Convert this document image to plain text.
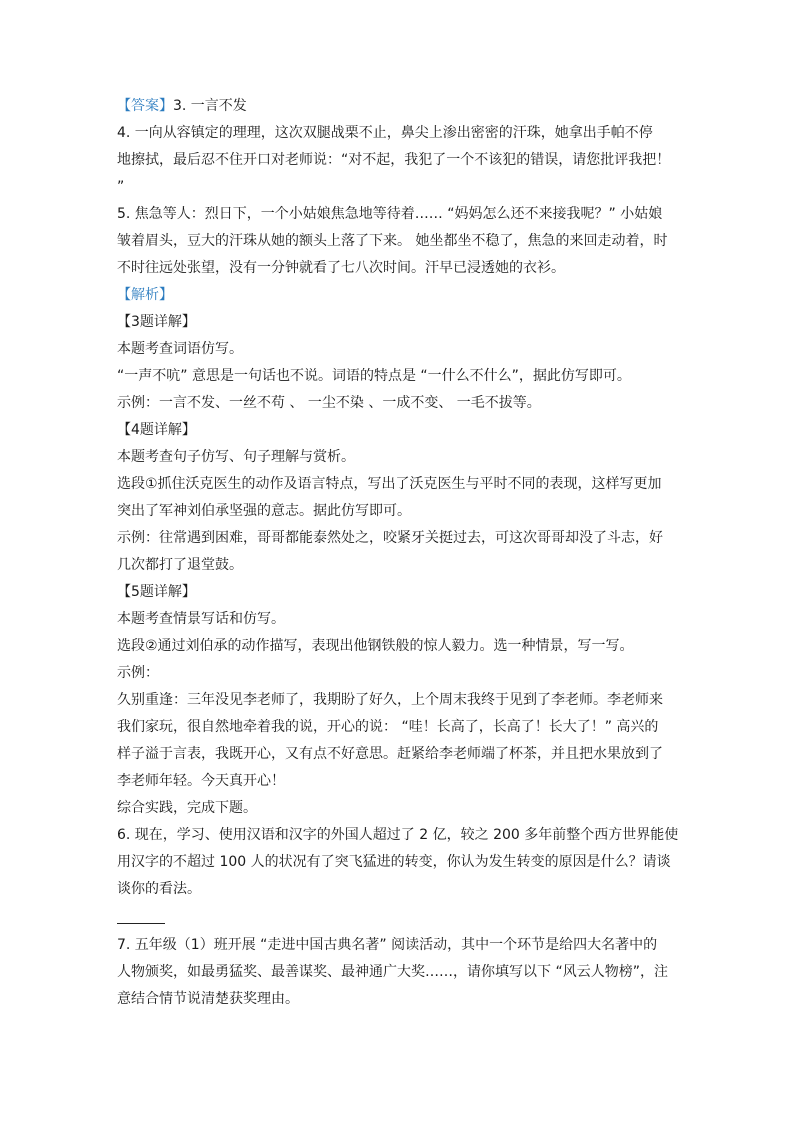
【答案】3. 一言不发
4. 一向从容镇定的理理，这次双腿战栗不止，鼻尖上渗出密密的汗珠，她拿出手帕不停
地擦拭，最后忍不住开口对老师说：“对不起，我犯了一个不该犯的错误，请您批评我把！
”
5. 焦急等人：烈日下，一个小姑娘焦急地等待着…… “妈妈怎么还不来接我呢？” 小姑娘
皱着眉头，豆大的汗珠从她的额头上落了下来。 她坐都坐不稳了，焦急的来回走动着，时
不时往远处张望，没有一分钟就看了七八次时间。汗早已浸透她的衣衫。
【解析】
【3题详解】
本题考查词语仿写。
“一声不吭” 意思是一句话也不说。词语的特点是 “一什么不什么”，据此仿写即可。
示例：一言不发、一丝不苟 、 一尘不染 、一成不变、 一毛不拔等。
【4题详解】
本题考查句子仿写、句子理解与赏析。
选段①抓住沃克医生的动作及语言特点，写出了沃克医生与平时不同的表现，这样写更加
突出了军神刘伯承坚强的意志。据此仿写即可。
示例：往常遇到困难，哥哥都能泰然处之，咬紧牙关挺过去，可这次哥哥却没了斗志，好
几次都打了退堂鼓。
【5题详解】
本题考查情景写话和仿写。
选段②通过刘伯承的动作描写，表现出他钢铁般的惊人毅力。选一种情景，写一写。
示例：
久别重逢：三年没见李老师了，我期盼了好久，上个周末我终于见到了李老师。李老师来
我们家玩，很自然地牵着我的说，开心的说： “哇！长高了，长高了！长大了！” 高兴的
样子溢于言表，我既开心，又有点不好意思。赶紧给李老师端了杯茶，并且把水果放到了
李老师年轻。今天真开心！
综合实践，完成下题。
6. 现在，学习、使用汉语和汉字的外国人超过了 2 亿，较之 200 多年前整个西方世界能使
用汉字的不超过 100 人的状况有了突飞猛进的转变，你认为发生转变的原因是什么？请谈
谈你的看法。
7. 五年级（1）班开展 “走进中国古典名著” 阅读活动，其中一个环节是给四大名著中的
人物颁奖，如最勇猛奖、最善谋奖、最神通广大奖……，请你填写以下 “风云人物榜”，注
意结合情节说清楚获奖理由。
